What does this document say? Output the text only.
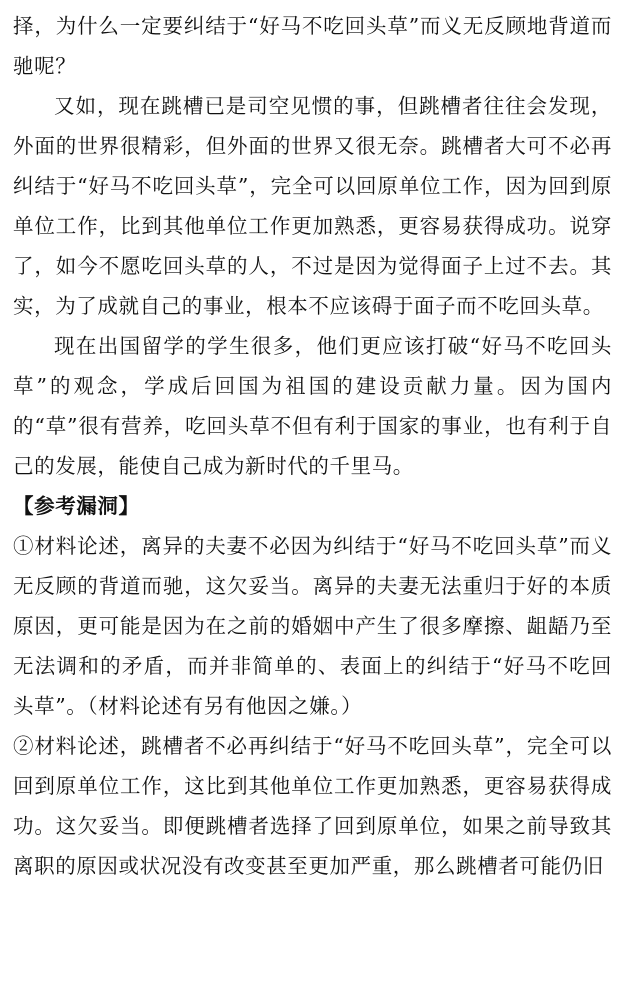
择，为什么一定要纠结于“好马不吃回头草”而义无反顾地背道而驰呢？

又如，现在跳槽已是司空见惯的事，但跳槽者往往会发现，外面的世界很精彩，但外面的世界又很无奈。跳槽者大可不必再纠结于“好马不吃回头草”，完全可以回原单位工作，因为回到原单位工作，比到其他单位工作更加熟悉，更容易获得成功。说穿了，如今不愿吃回头草的人，不过是因为觉得面子上过不去。其实，为了成就自己的事业，根本不应该碍于面子而不吃回头草。

现在出国留学的学生很多，他们更应该打破“好马不吃回头草”的观念，学成后回国为祖国的建设贡献力量。因为国内的“草”很有营养，吃回头草不但有利于国家的事业，也有利于自己的发展，能使自己成为新时代的千里马。

【参考漏洞】

①材料论述，离异的夫妻不必因为纠结于“好马不吃回头草”而义无反顾的背道而驰，这欠妥当。离异的夫妻无法重归于好的本质原因，更可能是因为在之前的婚姻中产生了很多摩擦、龃龉乃至无法调和的矛盾，而并非简单的、表面上的纠结于“好马不吃回头草”。（材料论述有另有他因之嫌。）

②材料论述，跳槽者不必再纠结于“好马不吃回头草”，完全可以回到原单位工作，这比到其他单位工作更加熟悉，更容易获得成功。这欠妥当。即便跳槽者选择了回到原单位，如果之前导致其离职的原因或状况没有改变甚至更加严重，那么跳槽者可能仍旧
